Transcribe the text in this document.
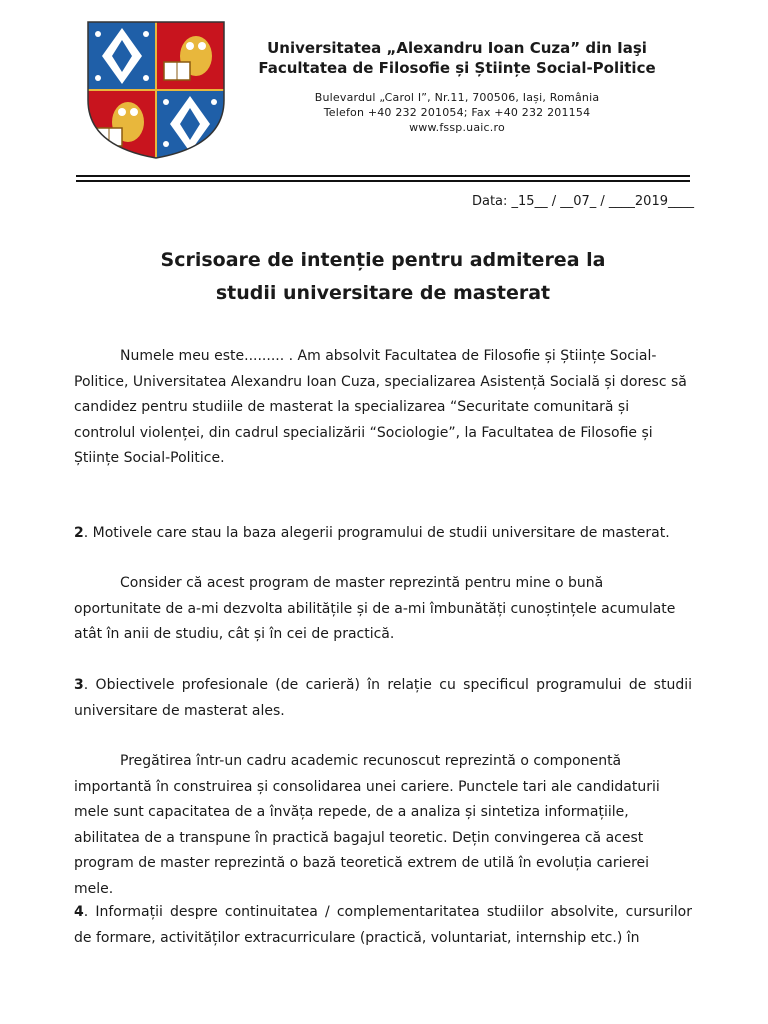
Universitatea „Alexandru Ioan Cuza” din Iaşi
Facultatea de Filosofie și Științe Social-Politice
Bulevardul „Carol I”, Nr.11, 700506, Iași, România
Telefon +40 232 201054; Fax +40 232 201154
www.fssp.uaic.ro
Data: _15__ / __07_ / ____2019____
Scrisoare de intenție pentru admiterea la
studii universitare de masterat

Numele meu este......... . Am absolvit Facultatea de Filosofie și Științe Social-Politice, Universitatea Alexandru Ioan Cuza, specializarea Asistență Socială și doresc să candidez pentru studiile de masterat la specializarea “Securitate comunitară și controlul violenței, din cadrul specializării “Sociologie”, la Facultatea de Filosofie și Științe Social-Politice.

2. Motivele care stau la baza alegerii programului de studii universitare de masterat.

Consider că acest program de master reprezintă pentru mine o bună oportunitate de a-mi dezvolta abilitățile și de a-mi îmbunătăți cunoștințele acumulate atât în anii de studiu, cât și în cei de practică.

3. Obiectivele profesionale (de carieră) în relație cu specificul programului de studii universitare de masterat ales.

Pregătirea într-un cadru academic recunoscut reprezintă o componentă importantă în construirea și consolidarea unei cariere. Punctele tari ale candidaturii mele sunt capacitatea de a învăța repede, de a analiza și sintetiza informațiile, abilitatea de a transpune în practică bagajul teoretic. Dețin convingerea că acest program de master reprezintă o bază teoretică extrem de utilă în evoluția carierei mele.

4. Informații despre continuitatea / complementaritatea studiilor absolvite, cursurilor de formare, activităților extracurriculare (practică, voluntariat, internship etc.) în
